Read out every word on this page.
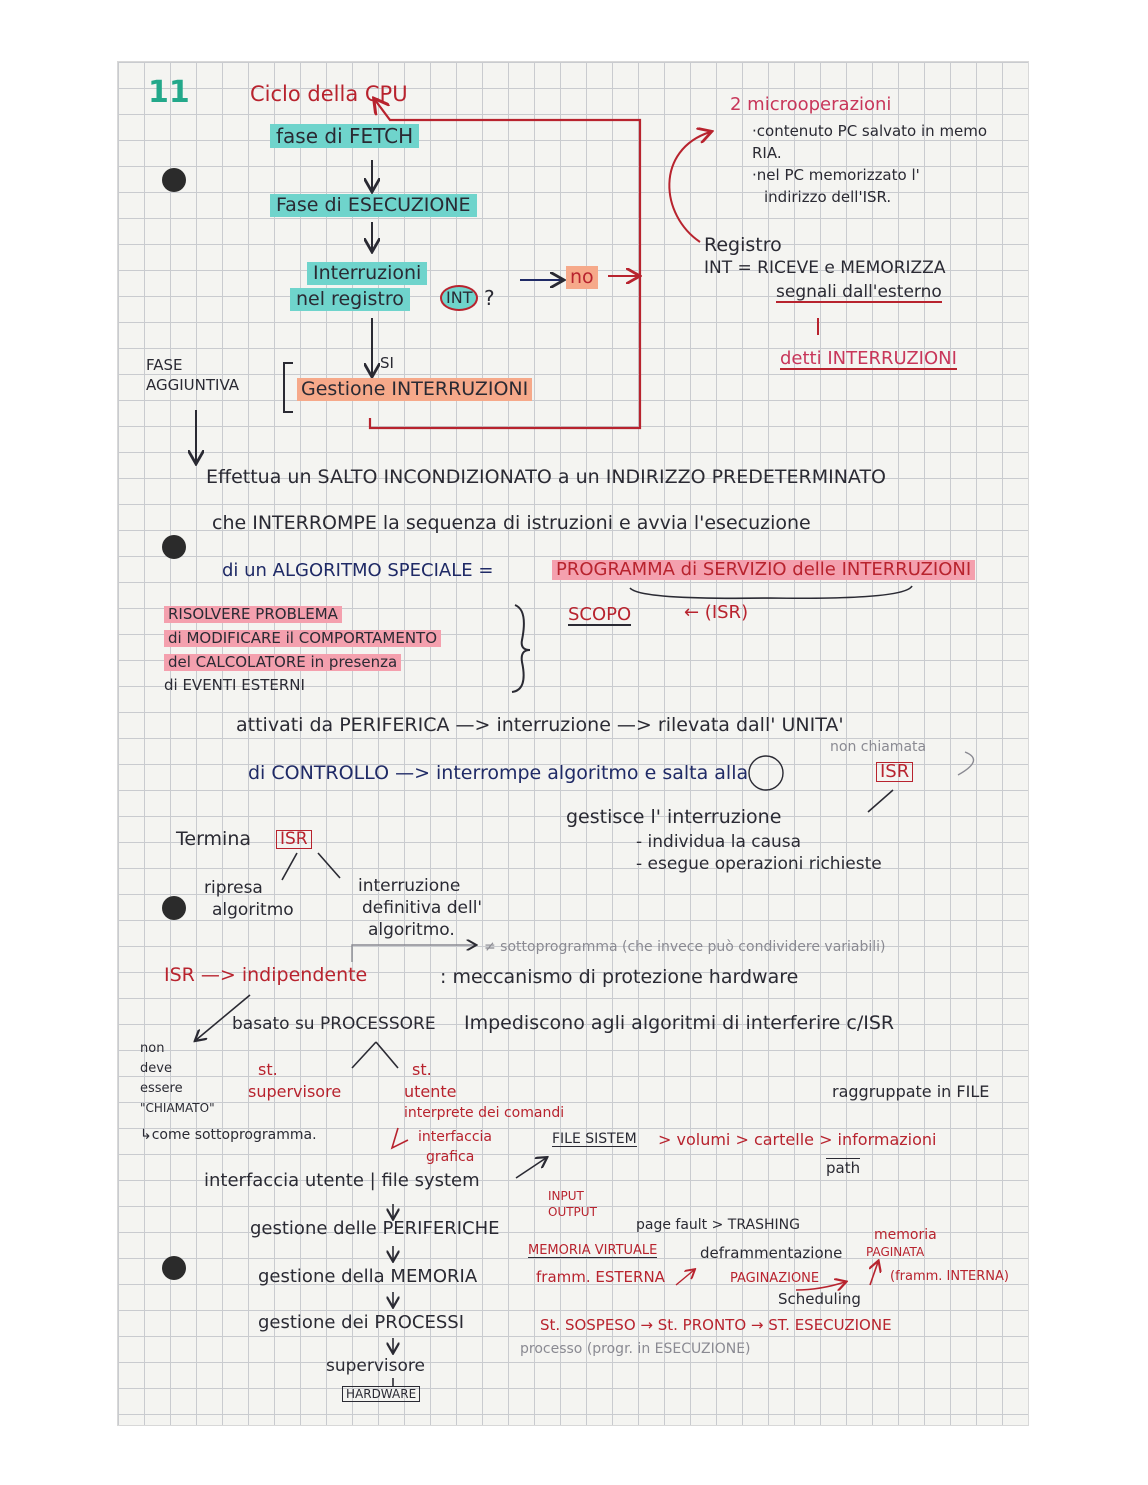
11	Ciclo della CPU
fase di FETCH
Fase di ESECUZIONE
Interruzioni
nel registro	INT ?
no
SI
Gestione INTERRUZIONI
FASE
AGGIUNTIVA
2 microoperazioni
·contenuto PC salvato in memo
RIA.
·nel PC memorizzato l'
indirizzo dell'ISR.
Registro
INT = RICEVE e MEMORIZZA
segnali dall'esterno
detti INTERRUZIONI
Effettua un SALTO INCONDIZIONATO a un INDIRIZZO PREDETERMINATO
che INTERROMPE la sequenza di istruzioni e avvia l'esecuzione
di un ALGORITMO SPECIALE =	PROGRAMMA di SERVIZIO delle INTERRUZIONI
RISOLVERE PROBLEMA
di MODIFICARE il COMPORTAMENTO
del CALCOLATORE in presenza
di EVENTI ESTERNI
SCOPO	← (ISR)
attivati da PERIFERICA —> interruzione —> rilevata dall' UNITA'
di CONTROLLO —> interrompe algoritmo e salta alla	ISR
non chiamata
gestisce l' interruzione
- individua la causa
- esegue operazioni richieste
Termina ISR
ripresa
algoritmo
interruzione
definitiva dell'
algoritmo.
≠ sottoprogramma (che invece può condividere variabili)
ISR —> indipendente	: meccanismo di protezione hardware
basato su PROCESSORE Impediscono agli algoritmi di interferire c/ISR
non
deve
essere
"CHIAMATO"
↳come sottoprogramma.
st.
supervisore
st.
utente
interprete dei comandi
interfaccia
grafica
raggruppate in FILE
FILE SISTEM > volumi > cartelle > informazioni
path
interfaccia utente | file system
INPUT
OUTPUT
gestione delle PERIFERICHE	page fault > TRASHING
gestione della MEMORIA
MEMORIA VIRTUALE
framm. ESTERNA
deframmentazione
PAGINAZIONE
memoria
PAGINATA
(framm. INTERNA)
gestione dei PROCESSI
Scheduling
St. SOSPESO → St. PRONTO → ST. ESECUZIONE
processo (progr. in ESECUZIONE)
supervisore
HARDWARE
